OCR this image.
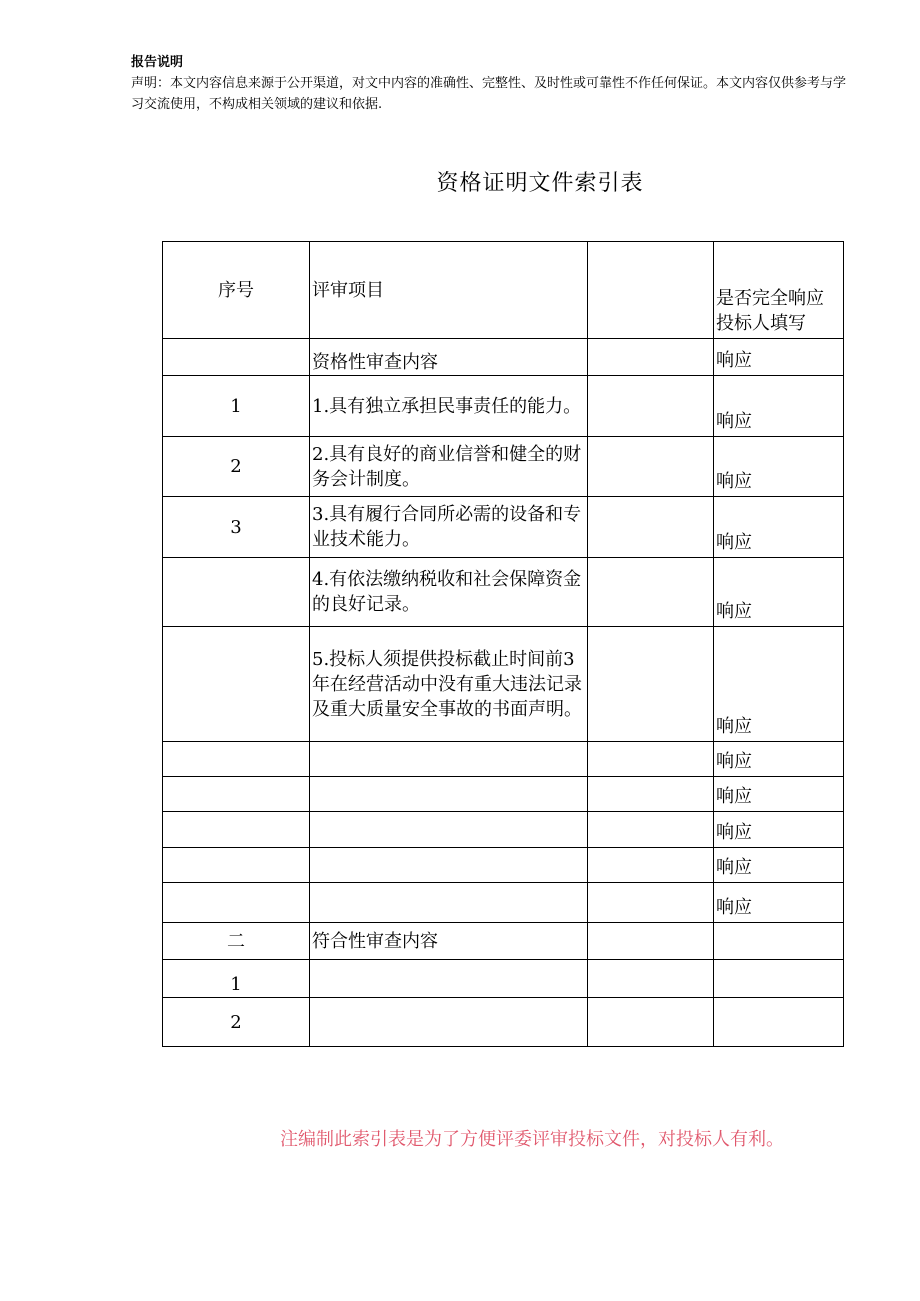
报告说明
声明：本文内容信息来源于公开渠道，对文中内容的准确性、完整性、及时性或可靠性不作任何保证。本文内容仅供参考与学习交流使用，不构成相关领域的建议和依据.
资格证明文件索引表
序号	评审项目		是否完全响应
投标人填写

	资格性审查内容		响应
1	1.具有独立承担民事责任的能力。		响应
2	2.具有良好的商业信誉和健全的财务会计制度。		响应
3	3.具有履行合同所必需的设备和专业技术能力。		响应
	4.有依法缴纳税收和社会保障资金的良好记录。		响应
	5.投标人须提供投标截止时间前3年在经营活动中没有重大违法记录及重大质量安全事故的书面声明。		响应
			响应
			响应
			响应
			响应
			响应
二	符合性审查内容		
1			
2			
注编制此索引表是为了方便评委评审投标文件，对投标人有利。
